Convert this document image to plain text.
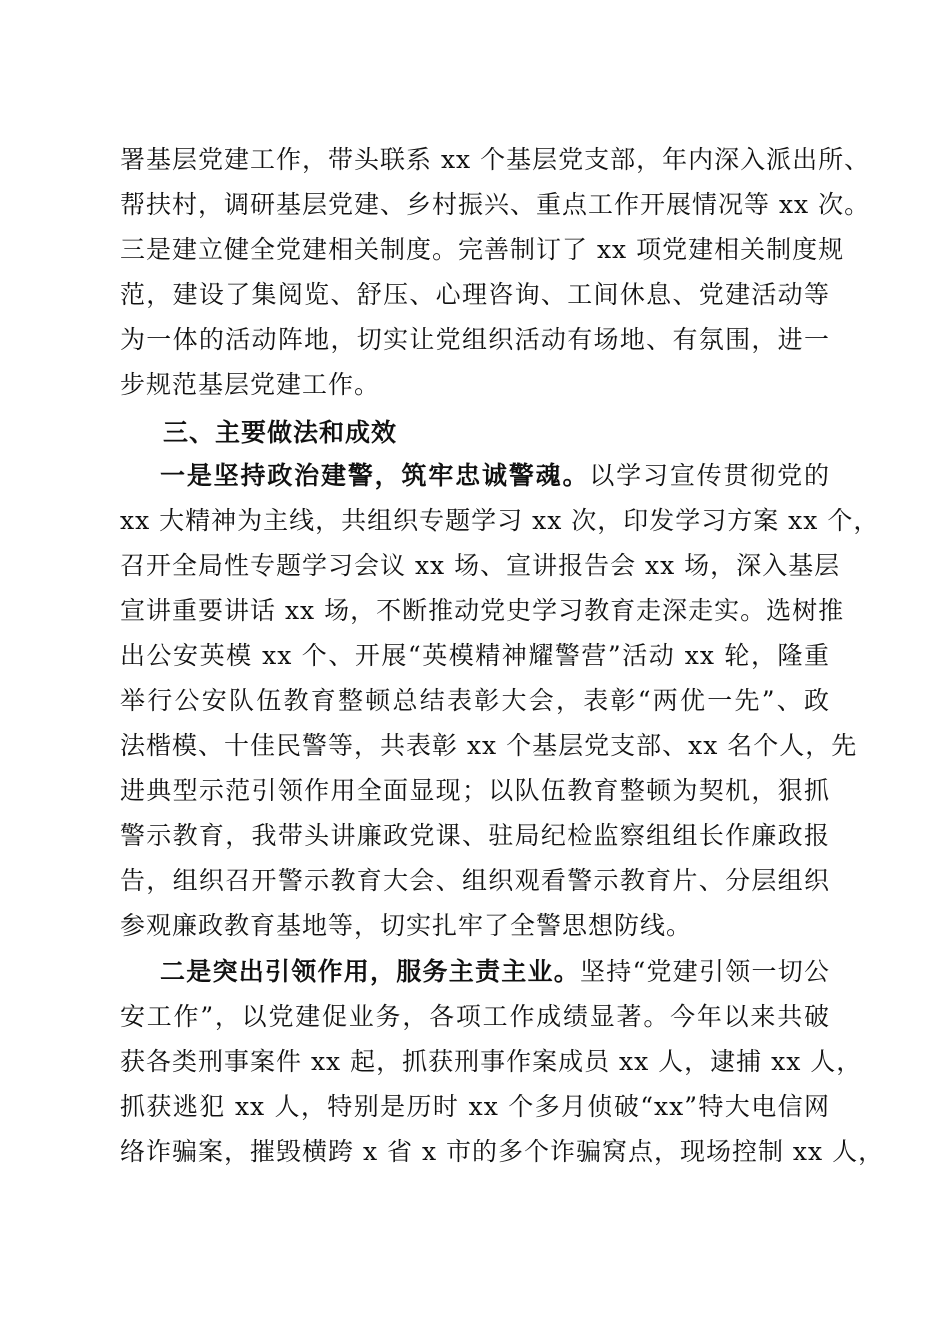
署基层党建工作，带头联系 xx 个基层党支部，年内深入派出所、
帮扶村，调研基层党建、乡村振兴、重点工作开展情况等 xx 次。
三是建立健全党建相关制度。完善制订了 xx 项党建相关制度规
范，建设了集阅览、舒压、心理咨询、工间休息、党建活动等
为一体的活动阵地，切实让党组织活动有场地、有氛围，进一
步规范基层党建工作。
三、主要做法和成效
一是坚持政治建警，筑牢忠诚警魂。以学习宣传贯彻党的
xx 大精神为主线，共组织专题学习 xx 次，印发学习方案 xx 个，
召开全局性专题学习会议 xx 场、宣讲报告会 xx 场，深入基层
宣讲重要讲话 xx 场，不断推动党史学习教育走深走实。选树推
出公安英模 xx 个、开展“英模精神耀警营”活动 xx 轮，隆重
举行公安队伍教育整顿总结表彰大会，表彰“两优一先”、政
法楷模、十佳民警等，共表彰 xx 个基层党支部、xx 名个人，先
进典型示范引领作用全面显现；以队伍教育整顿为契机，狠抓
警示教育，我带头讲廉政党课、驻局纪检监察组组长作廉政报
告，组织召开警示教育大会、组织观看警示教育片、分层组织
参观廉政教育基地等，切实扎牢了全警思想防线。
二是突出引领作用，服务主责主业。坚持“党建引领一切公
安工作”，以党建促业务，各项工作成绩显著。今年以来共破
获各类刑事案件 xx 起，抓获刑事作案成员 xx 人，逮捕 xx 人，
抓获逃犯 xx 人，特别是历时 xx 个多月侦破“xx”特大电信网
络诈骗案，摧毁横跨 x 省 x 市的多个诈骗窝点，现场控制 xx 人，
